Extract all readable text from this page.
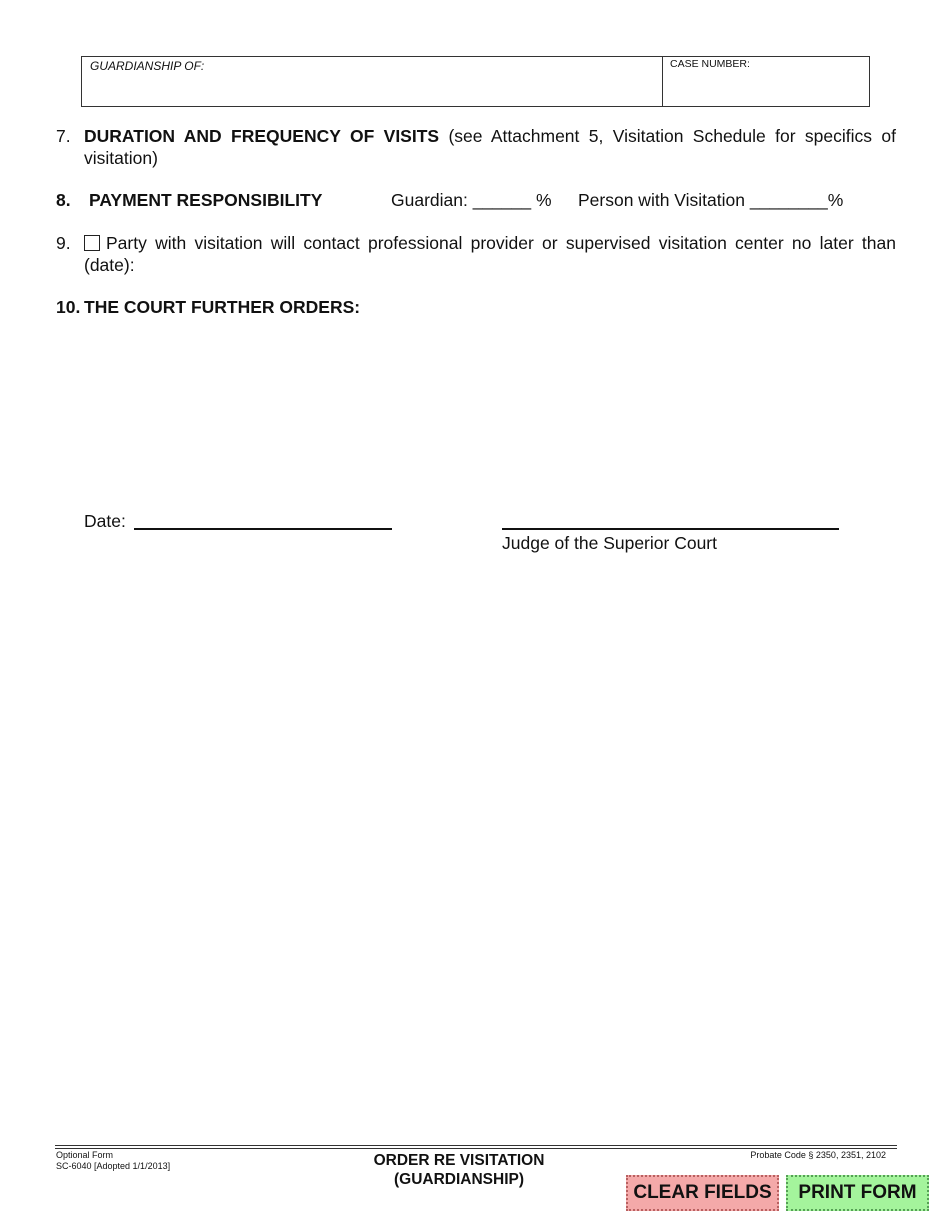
GUARDIANSHIP OF:	CASE NUMBER:
7. DURATION AND FREQUENCY OF VISITS (see Attachment 5, Visitation Schedule for specifics of visitation)
8. PAYMENT RESPONSIBILITY	Guardian: ______ % Person with Visitation ________%
9.	Party with visitation will contact professional provider or supervised visitation center no later than (date):
10. THE COURT FURTHER ORDERS:
Date:
Judge of the Superior Court
Optional Form
SC-6040 [Adopted 1/1/2013]	ORDER RE VISITATION
(GUARDIANSHIP)
Probate Code § 2350, 2351, 2102
CLEAR FIELDS	PRINT FORM
